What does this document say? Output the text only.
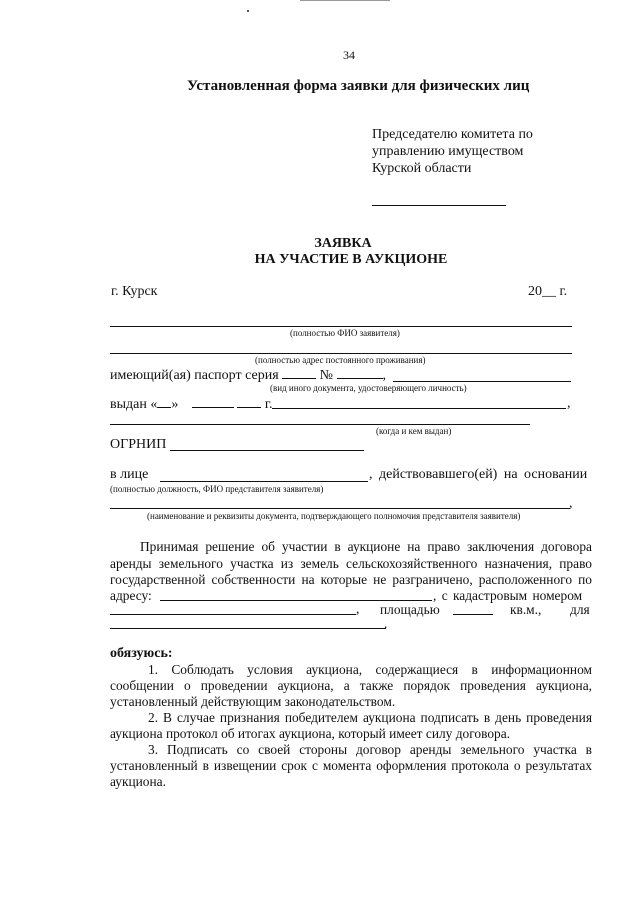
34
Установленная форма заявки для физических лиц
Председателю комитета по
управлению имуществом
Курской области
ЗАЯВКА
НА УЧАСТИЕ В АУКЦИОНЕ
г. Курск	20__ г.
(полностью ФИО заявителя)
(полностью адрес постоянного проживания)
имеющий(ая) паспорт серия	№	,
(вид иного документа, удостоверяющего личность)
выдан « »	г.	,
(когда и кем выдан)
ОГРНИП
в лице	, действовавшего(ей) на основании
(полностью должность, ФИО представителя заявителя)
,
(наименование и реквизиты документа, подтверждающего полномочия представителя заявителя)
Принимая решение об участии в аукционе на право заключения договора
аренды земельного участка из земель сельскохозяйственного назначения, право
государственной собственности на которые не разграничено, расположенного по
адресу:	, с кадастровым номером
, площадью	кв.м., для
.
обязуюсь:
1. Соблюдать условия аукциона, содержащиеся в информационном
сообщении о проведении аукциона, а также порядок проведения аукциона,
установленный действующим законодательством.
2. В случае признания победителем аукциона подписать в день проведения
аукциона протокол об итогах аукциона, который имеет силу договора.
3. Подписать со своей стороны договор аренды земельного участка в
установленный в извещении срок с момента оформления протокола о результатах
аукциона.
